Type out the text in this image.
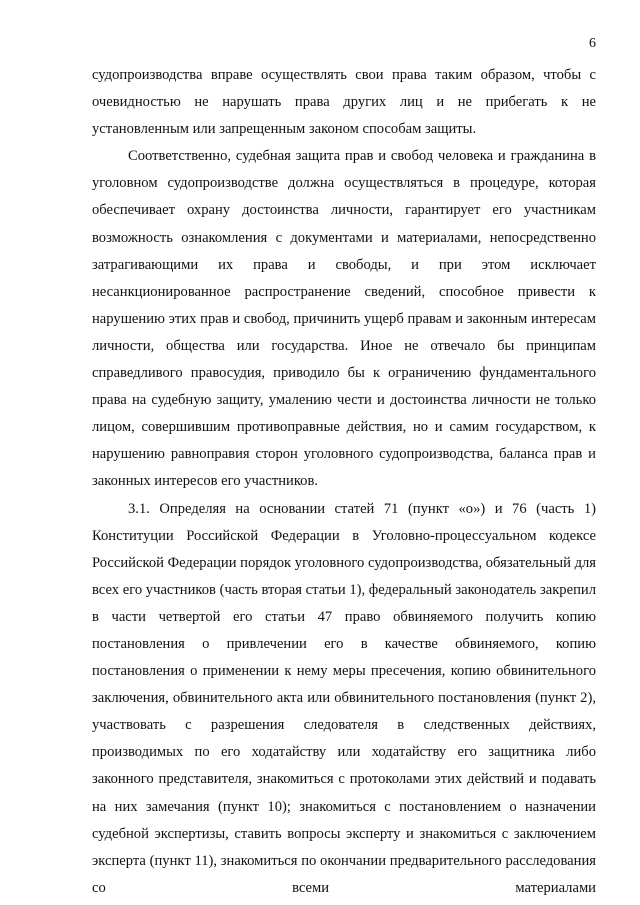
6

судопроизводства вправе осуществлять свои права таким образом, чтобы с очевидностью не нарушать права других лиц и не прибегать к не установленным или запрещенным законом способам защиты.

Соответственно, судебная защита прав и свобод человека и гражданина в уголовном судопроизводстве должна осуществляться в процедуре, которая обеспечивает охрану достоинства личности, гарантирует его участникам возможность ознакомления с документами и материалами, непосредственно затрагивающими их права и свободы, и при этом исключает несанкционированное распространение сведений, способное привести к нарушению этих прав и свобод, причинить ущерб правам и законным интересам личности, общества или государства. Иное не отвечало бы принципам справедливого правосудия, приводило бы к ограничению фундаментального права на судебную защиту, умалению чести и достоинства личности не только лицом, совершившим противоправные действия, но и самим государством, к нарушению равноправия сторон уголовного судопроизводства, баланса прав и законных интересов его участников.

3.1. Определяя на основании статей 71 (пункт «о») и 76 (часть 1) Конституции Российской Федерации в Уголовно-процессуальном кодексе Российской Федерации порядок уголовного судопроизводства, обязательный для всех его участников (часть вторая статьи 1), федеральный законодатель закрепил в части четвертой его статьи 47 право обвиняемого получить копию постановления о привлечении его в качестве обвиняемого, копию постановления о применении к нему меры пресечения, копию обвинительного заключения, обвинительного акта или обвинительного постановления (пункт 2), участвовать с разрешения следователя в следственных действиях, производимых по его ходатайству или ходатайству его защитника либо законного представителя, знакомиться с протоколами этих действий и подавать на них замечания (пункт 10); знакомиться с постановлением о назначении судебной экспертизы, ставить вопросы эксперту и знакомиться с заключением эксперта (пункт 11), знакомиться по окончании предварительного расследования со всеми материалами
